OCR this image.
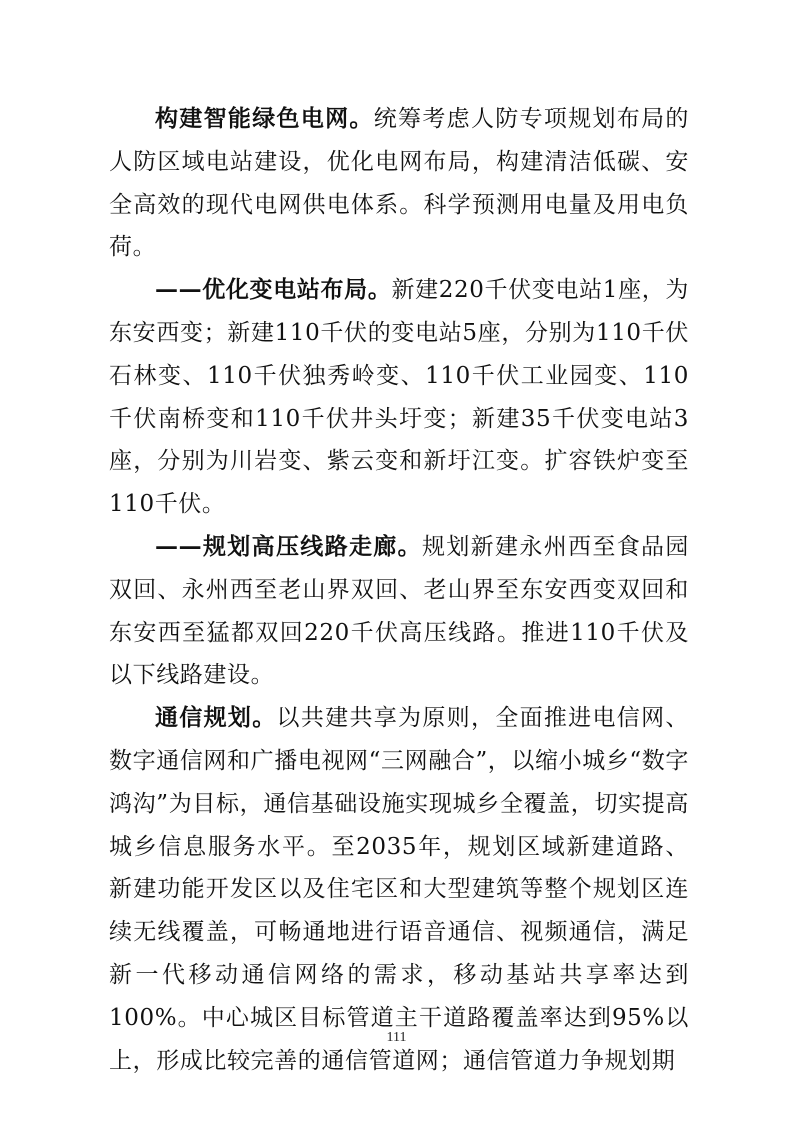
构建智能绿色电网。统筹考虑人防专项规划布局的人防区域电站建设，优化电网布局，构建清洁低碳、安全高效的现代电网供电体系。科学预测用电量及用电负荷。

——优化变电站布局。新建220千伏变电站1座，为东安西变；新建110千伏的变电站5座，分别为110千伏石林变、110千伏独秀岭变、110千伏工业园变、110千伏南桥变和110千伏井头圩变；新建35千伏变电站3座，分别为川岩变、紫云变和新圩江变。扩容铁炉变至110千伏。

——规划高压线路走廊。规划新建永州西至食品园双回、永州西至老山界双回、老山界至东安西变双回和东安西至猛都双回220千伏高压线路。推进110千伏及以下线路建设。

通信规划。以共建共享为原则，全面推进电信网、数字通信网和广播电视网“三网融合”，以缩小城乡“数字鸿沟”为目标，通信基础设施实现城乡全覆盖，切实提高城乡信息服务水平。至2035年，规划区域新建道路、新建功能开发区以及住宅区和大型建筑等整个规划区连续无线覆盖，可畅通地进行语音通信、视频通信，满足新一代移动通信网络的需求，移动基站共享率达到100%。中心城区目标管道主干道路覆盖率达到95%以上，形成比较完善的通信管道网；通信管道力争规划期

111
